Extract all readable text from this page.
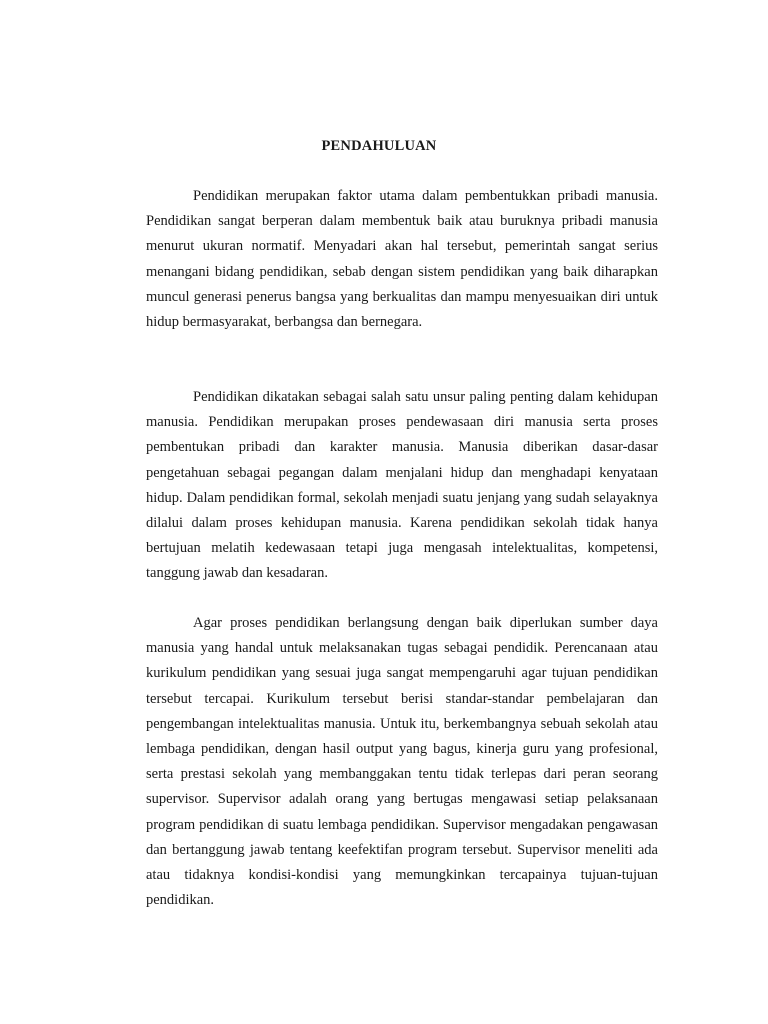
PENDAHULUAN

Pendidikan merupakan faktor utama dalam pembentukkan pribadi manusia. Pendidikan sangat berperan dalam membentuk baik atau buruknya pribadi manusia menurut ukuran normatif. Menyadari akan hal tersebut, pemerintah sangat serius menangani bidang pendidikan, sebab dengan sistem pendidikan yang baik diharapkan muncul generasi penerus bangsa yang berkualitas dan mampu menyesuaikan diri untuk hidup bermasyarakat, berbangsa dan bernegara.

Pendidikan dikatakan sebagai salah satu unsur paling penting dalam kehidupan manusia. Pendidikan merupakan proses pendewasaan diri manusia serta proses pembentukan pribadi dan karakter manusia. Manusia diberikan dasar-dasar pengetahuan sebagai pegangan dalam menjalani hidup dan menghadapi kenyataan hidup. Dalam pendidikan formal, sekolah menjadi suatu jenjang yang sudah selayaknya dilalui dalam proses kehidupan manusia. Karena pendidikan sekolah tidak hanya bertujuan melatih kedewasaan tetapi juga mengasah intelektualitas, kompetensi, tanggung jawab dan kesadaran.

Agar proses pendidikan berlangsung dengan baik diperlukan sumber daya manusia yang handal untuk melaksanakan tugas sebagai pendidik. Perencanaan atau kurikulum pendidikan yang sesuai juga sangat mempengaruhi agar tujuan pendidikan tersebut tercapai. Kurikulum tersebut berisi standar-standar pembelajaran dan pengembangan intelektualitas manusia. Untuk itu, berkembangnya sebuah sekolah atau lembaga pendidikan, dengan hasil output yang bagus, kinerja guru yang profesional, serta prestasi sekolah yang membanggakan tentu tidak terlepas dari peran seorang supervisor. Supervisor adalah orang yang bertugas mengawasi setiap pelaksanaan program pendidikan di suatu lembaga pendidikan. Supervisor mengadakan pengawasan dan bertanggung jawab tentang keefektifan program tersebut. Supervisor meneliti ada atau tidaknya kondisi-kondisi yang memungkinkan tercapainya tujuan-tujuan pendidikan.
